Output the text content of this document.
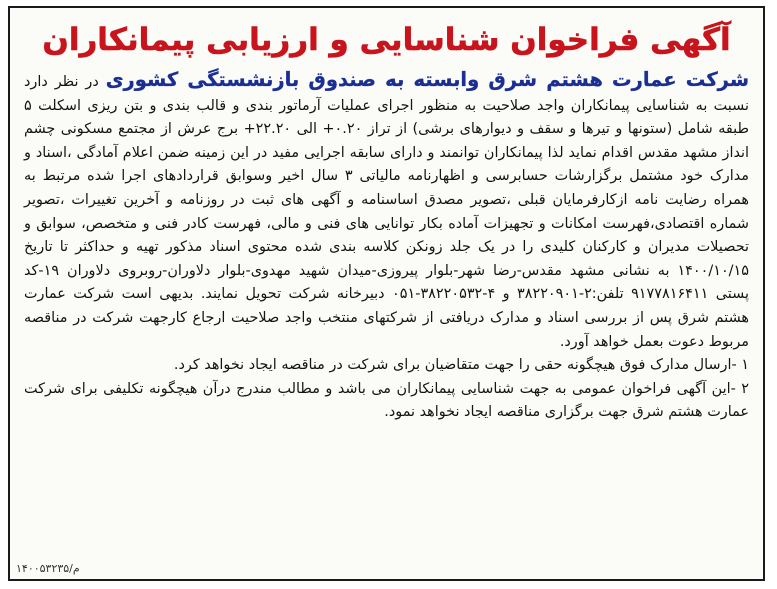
آگهی فراخوان شناسایی و ارزیابی پیمانکاران
شرکت عمارت هشتم شرق وابسته به صندوق بازنشستگی کشوری در نظر دارد نسبت به شناسایی پیمانکاران واجد صلاحیت به منظور اجرای عملیات آرماتور بندی و قالب بندی و بتن ریزی اسکلت ۵ طبقه شامل (ستونها و تیرها و سقف و دیوارهای برشی) از تراز ۰.۲۰+ الی ۲۲.۲۰+ برج عرش از مجتمع مسکونی چشم انداز مشهد مقدس اقدام نماید لذا پیمانکاران توانمند و دارای سابقه اجرایی مفید در این زمینه ضمن اعلام آمادگی ،اسناد و مدارک خود مشتمل برگزارشات حسابرسی و اظهارنامه مالیاتی ۳ سال اخیر وسوابق قراردادهای اجرا شده مرتبط به همراه رضایت نامه ازکارفرمایان قبلی ،تصویر مصدق اساسنامه و آگهی های ثبت در روزنامه و آخرین تغییرات ،تصویر شماره اقتصادی،فهرست امکانات و تجهیزات آماده بکار توانایی های فنی و مالی، فهرست کادر فنی و متخصص، سوابق و تحصیلات مدیران و کارکنان کلیدی را در یک جلد زونکن کلاسه بندی شده محتوی اسناد مذکور تهیه و حداکثر تا تاریخ ۱۴۰۰/۱۰/۱۵ به نشانی مشهد مقدس-رضا شهر-بلوار پیروزی-میدان شهید مهدوی-بلوار دلاوران-روبروی دلاوران ۱۹-کد پستی ۹۱۷۷۸۱۶۴۱۱ تلفن:۲-۳۸۲۲۰۹۰۱ و ۴-۳۸۲۲۰۵۳۲-۰۵۱ دبیرخانه شرکت تحویل نمایند. بدیهی است شرکت عمارت هشتم شرق پس از بررسی اسناد و مدارک دریافتی از شرکتهای منتخب واجد صلاحیت ارجاع کارجهت شرکت در مناقصه مربوط دعوت بعمل خواهد آورد.
۱ -ارسال مدارک فوق هیچگونه حقی را جهت متقاضیان برای شرکت در مناقصه ایجاد نخواهد کرد.
۲ -این آگهی فراخوان عمومی به جهت شناسایی پیمانکاران می باشد و مطالب مندرج درآن هیچگونه تکلیفی برای شرکت عمارت هشتم شرق جهت برگزاری مناقصه ایجاد نخواهد نمود.
۱۴۰۰۵۳۲۳۵/م
